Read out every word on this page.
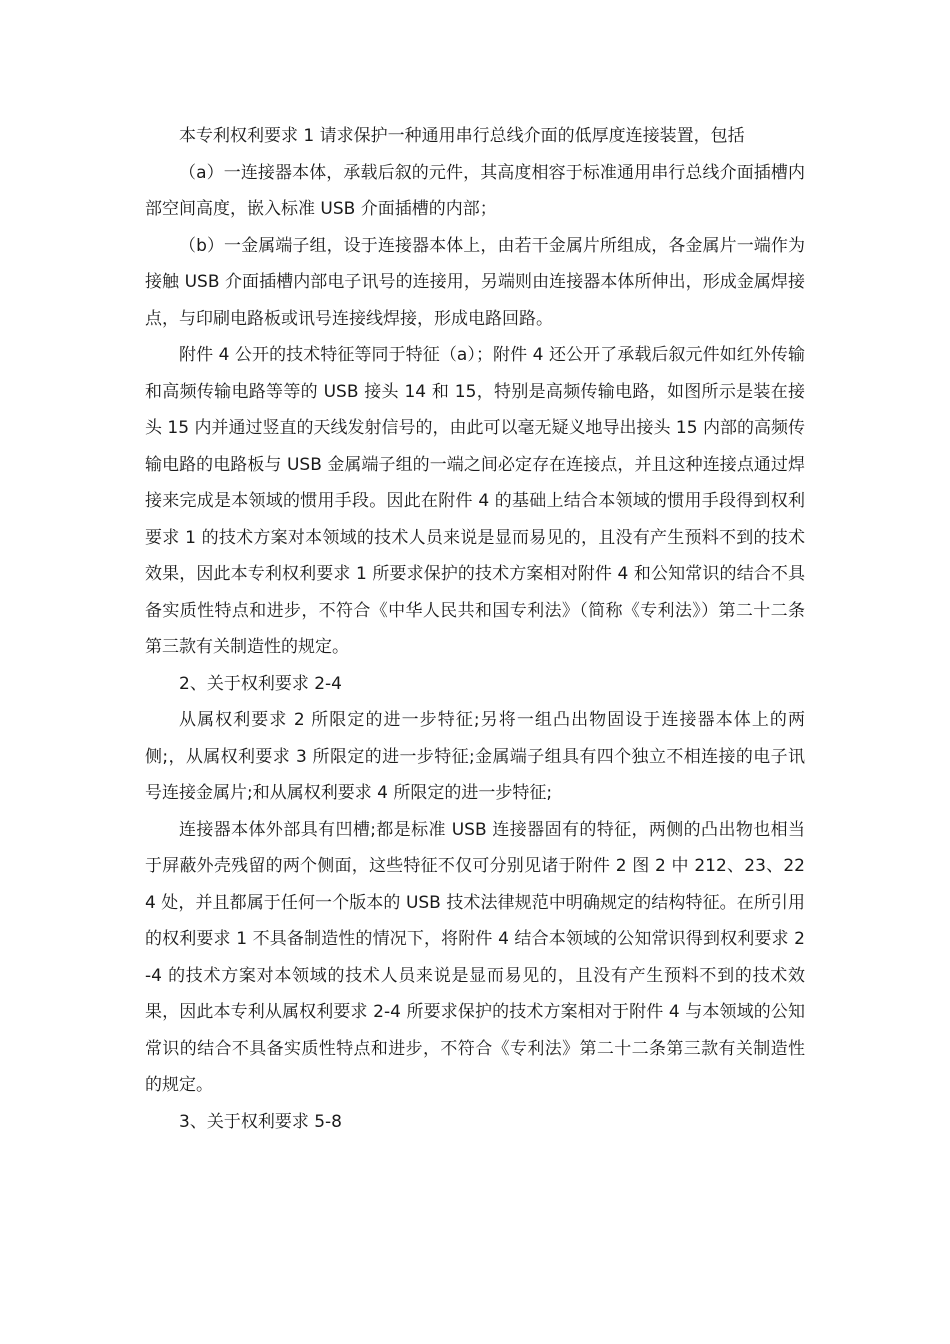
本专利权利要求 1 请求保护一种通用串行总线介面的低厚度连接装置，包括

（a）一连接器本体，承载后叙的元件，其高度相容于标准通用串行总线介面插槽内部空间高度，嵌入标准 USB 介面插槽的内部；

（b）一金属端子组，设于连接器本体上，由若干金属片所组成，各金属片一端作为接触 USB 介面插槽内部电子讯号的连接用，另端则由连接器本体所伸出，形成金属焊接点，与印刷电路板或讯号连接线焊接，形成电路回路。

附件 4 公开的技术特征等同于特征（a）；附件 4 还公开了承载后叙元件如红外传输和高频传输电路等等的 USB 接头 14 和 15，特别是高频传输电路，如图所示是装在接头 15 内并通过竖直的天线发射信号的，由此可以毫无疑义地导出接头 15 内部的高频传输电路的电路板与 USB 金属端子组的一端之间必定存在连接点，并且这种连接点通过焊接来完成是本领域的惯用手段。因此在附件 4 的基础上结合本领域的惯用手段得到权利要求 1 的技术方案对本领域的技术人员来说是显而易见的，且没有产生预料不到的技术效果，因此本专利权利要求 1 所要求保护的技术方案相对附件 4 和公知常识的结合不具备实质性特点和进步，不符合《中华人民共和国专利法》（简称《专利法》）第二十二条第三款有关制造性的规定。

2、关于权利要求 2-4

从属权利要求 2 所限定的进一步特征;另将一组凸出物固设于连接器本体上的两侧;，从属权利要求 3 所限定的进一步特征;金属端子组具有四个独立不相连接的电子讯号连接金属片;和从属权利要求 4 所限定的进一步特征;

连接器本体外部具有凹槽;都是标准 USB 连接器固有的特征，两侧的凸出物也相当于屏蔽外壳残留的两个侧面，这些特征不仅可分别见诸于附件 2 图 2 中 212、23、224 处，并且都属于任何一个版本的 USB 技术法律规范中明确规定的结构特征。在所引用的权利要求 1 不具备制造性的情况下，将附件 4 结合本领域的公知常识得到权利要求 2-4 的技术方案对本领域的技术人员来说是显而易见的，且没有产生预料不到的技术效果，因此本专利从属权利要求 2-4 所要求保护的技术方案相对于附件 4 与本领域的公知常识的结合不具备实质性特点和进步，不符合《专利法》第二十二条第三款有关制造性的规定。

3、关于权利要求 5-8
